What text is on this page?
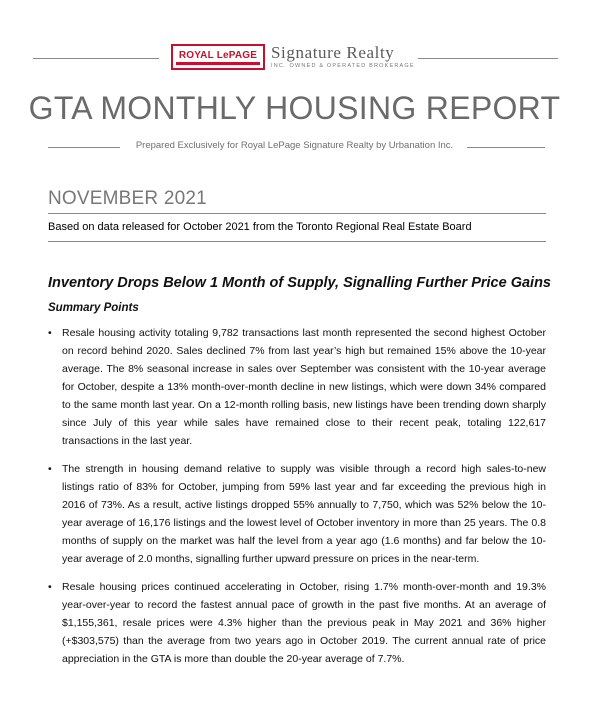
ROYAL LePAGE Signature Realty
INC. OWNED & OPERATED BROKERAGE
GTA MONTHLY HOUSING REPORT
Prepared Exclusively for Royal LePage Signature Realty by Urbanation Inc.
NOVEMBER 2021
Based on data released for October 2021 from the Toronto Regional Real Estate Board
Inventory Drops Below 1 Month of Supply, Signalling Further Price Gains
Summary Points
• Resale housing activity totaling 9,782 transactions last month represented the second highest October on record behind 2020. Sales declined 7% from last year’s high but remained 15% above the 10-year average. The 8% seasonal increase in sales over September was consistent with the 10-year average for October, despite a 13% month-over-month decline in new listings, which were down 34% compared to the same month last year. On a 12-month rolling basis, new listings have been trending down sharply since July of this year while sales have remained close to their recent peak, totaling 122,617 transactions in the last year.
• The strength in housing demand relative to supply was visible through a record high sales-to-new listings ratio of 83% for October, jumping from 59% last year and far exceeding the previous high in 2016 of 73%. As a result, active listings dropped 55% annually to 7,750, which was 52% below the 10-year average of 16,176 listings and the lowest level of October inventory in more than 25 years. The 0.8 months of supply on the market was half the level from a year ago (1.6 months) and far below the 10-year average of 2.0 months, signalling further upward pressure on prices in the near-term.
• Resale housing prices continued accelerating in October, rising 1.7% month-over-month and 19.3% year-over-year to record the fastest annual pace of growth in the past five months. At an average of $1,155,361, resale prices were 4.3% higher than the previous peak in May 2021 and 36% higher (+$303,575) than the average from two years ago in October 2019. The current annual rate of price appreciation in the GTA is more than double the 20-year average of 7.7%.
